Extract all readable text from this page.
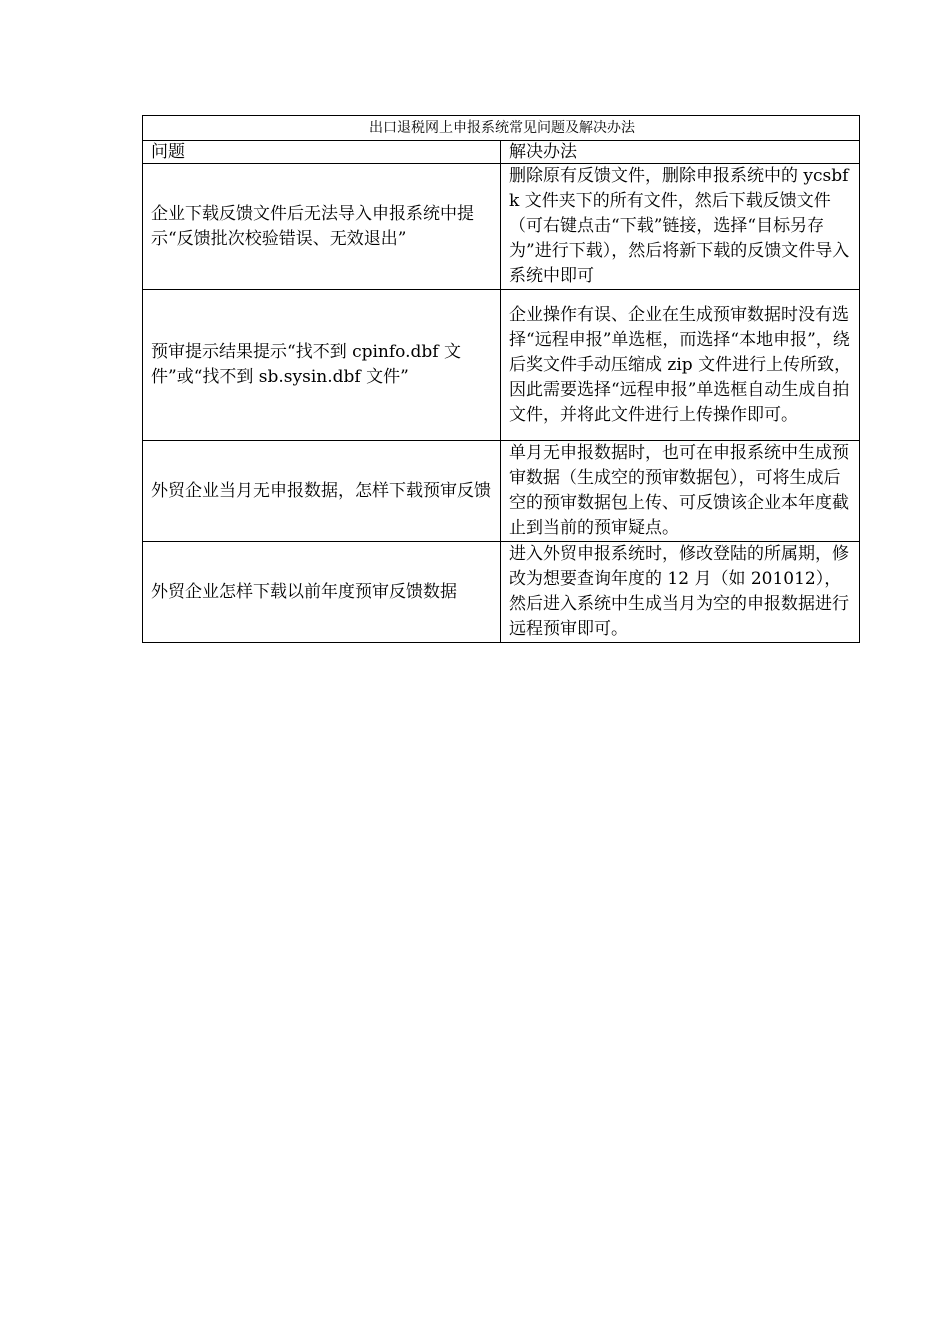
出口退税网上申报系统常见问题及解决办法	
问题	解决办法
企业下载反馈文件后无法导入申报系统中提示“反馈批次校验错误、无效退出”	删除原有反馈文件，删除申报系统中的 ycsbfk 文件夹下的所有文件，然后下载反馈文件（可右键点击“下载”链接，选择“目标另存为”进行下载），然后将新下载的反馈文件导入系统中即可
预审提示结果提示“找不到 cpinfo.dbf 文件”或“找不到 sb.sysin.dbf 文件”	企业操作有误、企业在生成预审数据时没有选择“远程申报”单选框，而选择“本地申报”，绕后奖文件手动压缩成 zip 文件进行上传所致，因此需要选择“远程申报”单选框自动生成自拍文件，并将此文件进行上传操作即可。
外贸企业当月无申报数据，怎样下载预审反馈	单月无申报数据时，也可在申报系统中生成预审数据（生成空的预审数据包），可将生成后空的预审数据包上传、可反馈该企业本年度截止到当前的预审疑点。
外贸企业怎样下载以前年度预审反馈数据	进入外贸申报系统时，修改登陆的所属期，修改为想要查询年度的 12 月（如 201012），然后进入系统中生成当月为空的申报数据进行远程预审即可。
